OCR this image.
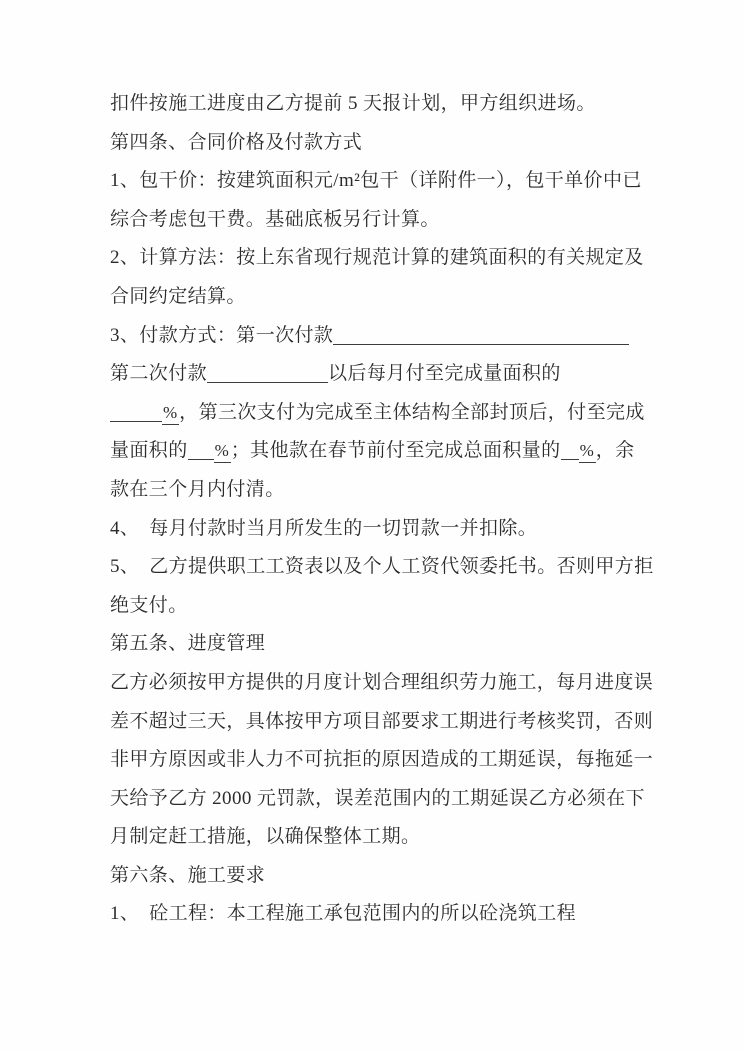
扣件按施工进度由乙方提前 5 天报计划，甲方组织进场。
第四条、合同价格及付款方式
1、包干价：按建筑面积元/m²包干（详附件一），包干单价中已
综合考虑包干费。基础底板另行计算。
2、计算方法：按上东省现行规范计算的建筑面积的有关规定及
合同约定结算。
3、付款方式：第一次付款
第二次付款	以后每月付至完成量面积的
% ，第三次支付为完成至主体结构全部封顶后，付至完成
量面积的 % ；其他款在春节前付至完成总面积量的 % ，余
款在三个月内付清。
4、　每月付款时当月所发生的一切罚款一并扣除。
5、　乙方提供职工工资表以及个人工资代领委托书。否则甲方拒
绝支付。
第五条、进度管理
乙方必须按甲方提供的月度计划合理组织劳力施工，每月进度误
差不超过三天，具体按甲方项目部要求工期进行考核奖罚，否则
非甲方原因或非人力不可抗拒的原因造成的工期延误，每拖延一
天给予乙方 2000 元罚款，误差范围内的工期延误乙方必须在下
月制定赶工措施，以确保整体工期。
第六条、施工要求
1、　砼工程：本工程施工承包范围内的所以砼浇筑工程
